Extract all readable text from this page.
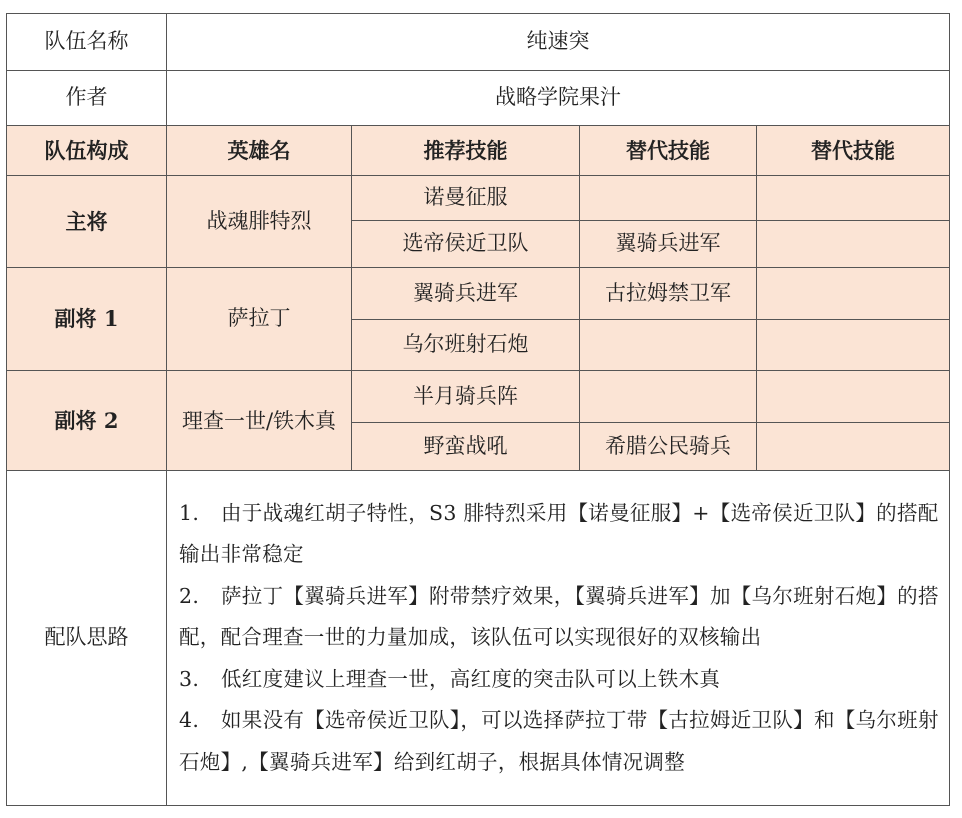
队伍名称	纯速突			
作者	战略学院果汁			
队伍构成	英雄名	推荐技能	替代技能	替代技能
主将	战魂腓特烈	诺曼征服		
		选帝侯近卫队	翼骑兵进军	
副将 1	萨拉丁	翼骑兵进军	古拉姆禁卫军	
		乌尔班射石炮		
副将 2	理查一世/铁木真	半月骑兵阵		
		野蛮战吼	希腊公民骑兵	
配队思路	1. 由于战魂红胡子特性，S3 腓特烈采用【诺曼征服】+【选帝侯近卫队】的搭配输出非常稳定

2. 萨拉丁【翼骑兵进军】附带禁疗效果，【翼骑兵进军】加【乌尔班射石炮】的搭配，配合理查一世的力量加成，该队伍可以实现很好的双核输出

3. 低红度建议上理查一世，高红度的突击队可以上铁木真

4. 如果没有【选帝侯近卫队】，可以选择萨拉丁带【古拉姆近卫队】和【乌尔班射石炮】,【翼骑兵进军】给到红胡子，根据具体情况调整			
